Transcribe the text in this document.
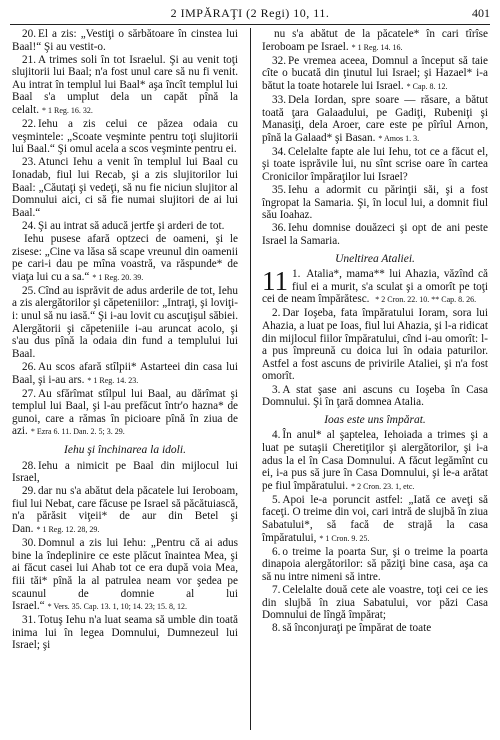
2 IMPĂRAŢI (2 Regi) 10, 11.	401
20. El a zis: „Vestiţi o sărbătoare în cinstea lui Baal!“ Şi au vestit-o.
21. A trimes soli în tot Israelul. Şi au venit toţi slujitorii lui Baal; n'a fost unul care să nu fi venit. Au intrat în templul lui Baal* aşa încît templul lui Baal s'a umplut dela un capăt pînă la celalt. * 1 Reg. 16. 32.
22. Iehu a zis celui ce păzea odaia cu veşmintele: „Scoate veşminte pentru toţi slujitorii lui Baal.“ Şi omul acela a scos veşminte pentru ei.
23. Atunci Iehu a venit în templul lui Baal cu Ionadab, fiul lui Recab, şi a zis slujitorilor lui Baal: „Căutaţi şi vedeţi, să nu fie niciun slujitor al Domnului aici, ci să fie numai slujitori de ai lui Baal.“
24. Şi au intrat să aducă jertfe şi arderi de tot.
Iehu pusese afară optzeci de oameni, şi le zisese: „Cine va lăsa să scape vreunul din oamenii pe cari-i dau pe mîna voastră, va răspunde* de viaţa lui cu a sa.“ * 1 Reg. 20. 39.
25. Cînd au isprăvit de adus arderile de tot, Iehu a zis alergătorilor şi căpeteniilor: „Intraţi, şi loviţi-i: unul să nu iasă.“ Şi i-au lovit cu ascuţişul săbiei. Alergătorii şi căpeteniile i-au aruncat acolo, şi s'au dus pînă la odaia din fund a templului lui Baal.
26. Au scos afară stîlpii* Astarteei din casa lui Baal, şi i-au ars. * 1 Reg. 14. 23.
27. Au sfărîmat stîlpul lui Baal, au dărîmat şi templul lui Baal, şi l-au prefăcut într'o hazna* de gunoi, care a rămas în picioare pînă în ziua de azi. * Ezra 6. 11. Dan. 2. 5; 3. 29.
Iehu şi închinarea la idoli.
28. Iehu a nimicit pe Baal din mijlocul lui Israel,
29. dar nu s'a abătut dela păcatele lui Ieroboam, fiul lui Nebat, care făcuse pe Israel să păcătuiască, n'a părăsit viţeii* de aur din Betel şi Dan. * 1 Reg. 12. 28, 29.
30. Domnul a zis lui Iehu: „Pentru că ai adus bine la îndeplinire ce este plăcut înaintea Mea, şi ai făcut casei lui Ahab tot ce era după voia Mea, fiii tăi* pînă la al patrulea neam vor şedea pe scaunul de domnie al lui Israel.“ * Vers. 35. Cap. 13. 1, 10; 14. 23; 15. 8, 12.
31. Totuş Iehu n'a luat seama să umble din toată inima lui în legea Domnului, Dumnezeul lui Israel; şi
nu s'a abătut de la păcatele* în cari tîrîse Ieroboam pe Israel. * 1 Reg. 14. 16.
32. Pe vremea aceea, Domnul a început să taie cîte o bucată din ţinutul lui Israel; şi Hazael* i-a bătut la toate hotarele lui Israel. * Cap. 8. 12.
33. Dela Iordan, spre soare — răsare, a bătut toată ţara Galaadului, pe Gadiţi, Rubeniţi şi Manasiţi, dela Aroer, care este pe pîrîul Arnon, pînă la Galaad* şi Basan. * Amos 1. 3.
34. Celelalte fapte ale lui Iehu, tot ce a făcut el, şi toate isprăvile lui, nu sînt scrise oare în cartea Cronicilor împăraţilor lui Israel?
35. Iehu a adormit cu părinţii săi, şi a fost îngropat la Samaria. Şi, în locul lui, a domnit fiul său Ioahaz.
36. Iehu domnise douăzeci şi opt de ani peste Israel la Samaria.
Uneltirea Ataliei.
11 1. Atalia*, mama** lui Ahazia, văzînd că fiul ei a murit, s'a sculat şi a omorît pe toţi cei de neam împărătesc. * 2 Cron. 22. 10. ** Cap. 8. 26.
2. Dar Ioşeba, fata împăratului Ioram, sora lui Ahazia, a luat pe Ioas, fiul lui Ahazia, şi l-a ridicat din mijlocul fiilor împăratului, cînd i-au omorît: l-a pus împreună cu doica lui în odaia paturilor. Astfel a fost ascuns de privirile Ataliei, şi n'a fost omorît.
3. A stat şase ani ascuns cu Ioşeba în Casa Domnului. Şi în ţară domnea Atalia.
Ioas este uns împărat.
4. În anul* al şaptelea, Iehoiada a trimes şi a luat pe sutaşii Cheretiţilor şi alergătorilor, şi i-a adus la el în Casa Domnului. A făcut legămînt cu ei, i-a pus să jure în Casa Domnului, şi le-a arătat pe fiul împăratului. * 2 Cron. 23. 1, etc.
5. Apoi le-a poruncit astfel: „Iată ce aveţi să faceţi. O treime din voi, cari intră de slujbă în ziua Sabatului*, să facă de strajă la casa împăratului, * 1 Cron. 9. 25.
6. o treime la poarta Sur, şi o treime la poarta dinapoia alergătorilor: să păziţi bine casa, aşa ca să nu intre nimeni să intre.
7. Celelalte două cete ale voastre, toţi cei ce ies din slujbă în ziua Sabatului, vor păzi Casa Domnului de lîngă împărat;
8. să înconjuraţi pe împărat de toate
